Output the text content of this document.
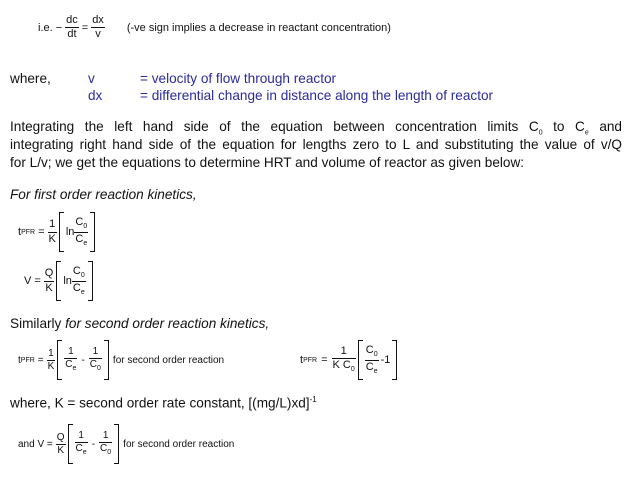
i.e. − $\frac{dc}{dt} = \frac{dx}{v} (-ve$ sign implies a decrease in reactant concentration)
where,	v	= velocity of flow through reactor
dx	= differential change in distance along the length of reactor
Integrating the left hand side of the equation between concentration limits $C_0$ to $C_e$ and
integrating right hand side of the equation for lengths zero to L and substituting the value of v/Q
for L/v; we get the equations to determine HRT and volume of reactor as given below:
For first order reaction kinetics,
t PFR = $\frac{1}{K}$ $\ln \frac{C_0}{C_e}$
$V = \frac{Q}{K}$ $\ln \frac{C_0}{C_e}$
Similarly for second order reaction kinetics,
t PFR = $\frac{1}{K} \frac{1}{C_e} - \frac{1}{C_0}$ for second order reaction	t PFR = $\frac{1}{K C_0} \frac{C_0}{C_e} -1$
where, K = second order rate constant, $[(mg/L)xd]^{-1}$
and $V = \frac{Q}{K} \frac{1}{C_e} - \frac{1}{C_0}$ for second order reaction
